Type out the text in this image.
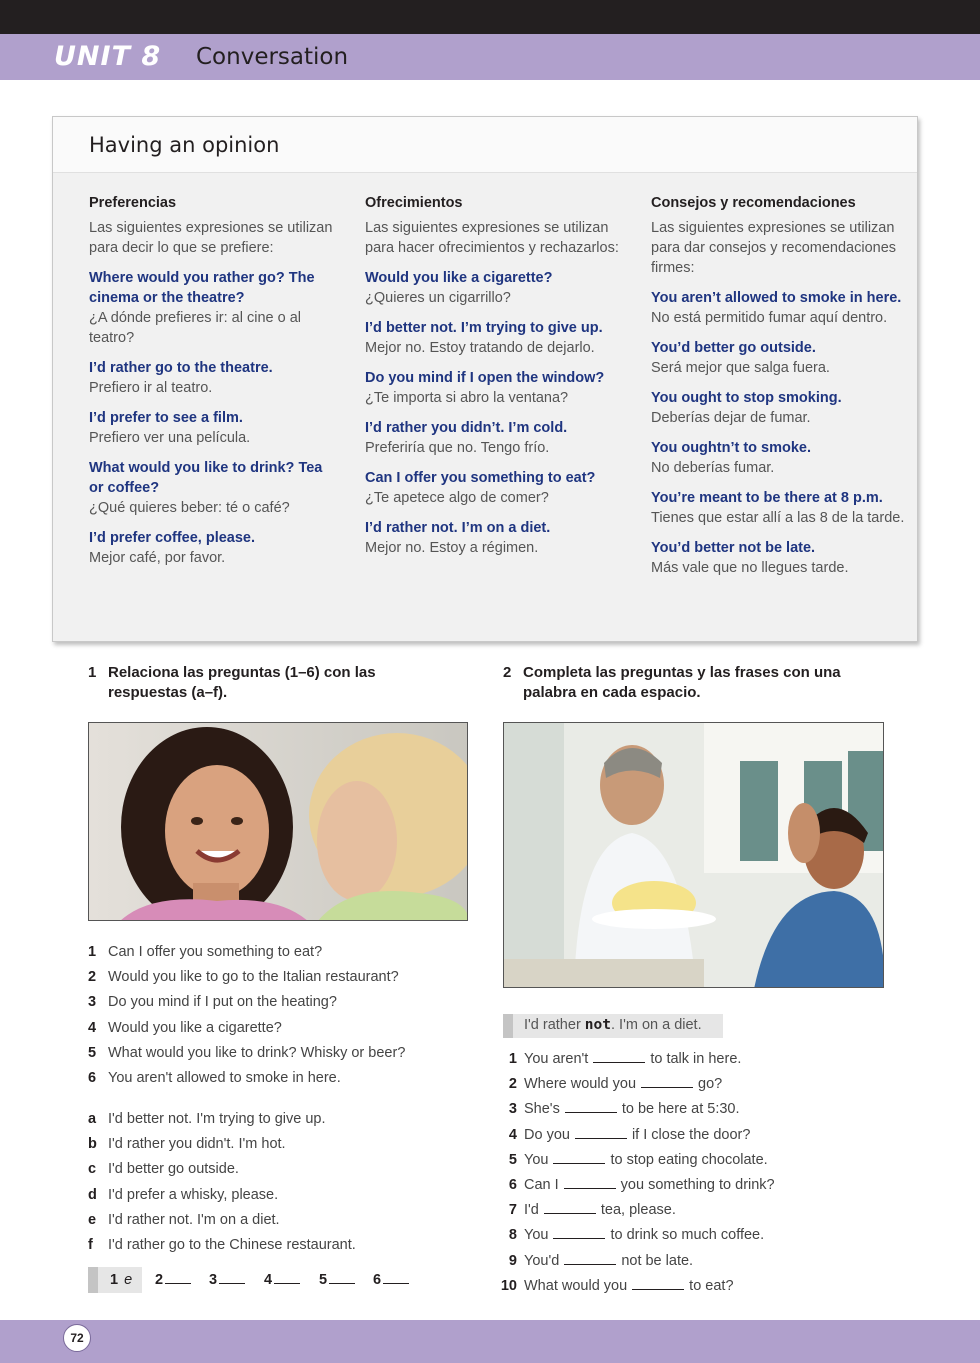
UNIT 8 Conversation
Having an opinion
Preferencias
Las siguientes expresiones se utilizan para decir lo que se prefiere:
Where would you rather go? The cinema or the theatre?
¿A dónde prefieres ir: al cine o al teatro?
I’d rather go to the theatre.
Prefiero ir al teatro.
I’d prefer to see a film.
Prefiero ver una película.
What would you like to drink? Tea or coffee?
¿Qué quieres beber: té o café?
I’d prefer coffee, please.
Mejor café, por favor.
Ofrecimientos
Las siguientes expresiones se utilizan para hacer ofrecimientos y rechazarlos:
Would you like a cigarette?
¿Quieres un cigarrillo?
I’d better not. I’m trying to give up.
Mejor no. Estoy tratando de dejarlo.
Do you mind if I open the window?
¿Te importa si abro la ventana?
I’d rather you didn’t. I’m cold.
Preferiría que no. Tengo frío.
Can I offer you something to eat?
¿Te apetece algo de comer?
I’d rather not. I’m on a diet.
Mejor no. Estoy a régimen.
Consejos y recomendaciones
Las siguientes expresiones se utilizan para dar consejos y recomendaciones firmes:
You aren’t allowed to smoke in here.
No está permitido fumar aquí dentro.
You’d better go outside.
Será mejor que salga fuera.
You ought to stop smoking.
Deberías dejar de fumar.
You oughtn’t to smoke.
No deberías fumar.
You’re meant to be there at 8 p.m.
Tienes que estar allí a las 8 de la tarde.
You’d better not be late.
Más vale que no llegues tarde.
1 Relaciona las preguntas (1–6) con las respuestas (a–f).
1 Can I offer you something to eat?
2 Would you like to go to the Italian restaurant?
3 Do you mind if I put on the heating?
4 Would you like a cigarette?
5 What would you like to drink? Whisky or beer?
6 You aren't allowed to smoke in here.
a I'd better not. I'm trying to give up.
b I'd rather you didn't. I'm hot.
c I'd better go outside.
d I'd prefer a whisky, please.
e I'd rather not. I'm on a diet.
f	I'd rather go to the Chinese restaurant.
1 e 2	3	4	5	6
2 Completa las preguntas y las frases con una palabra en cada espacio.
I'd rather not. I'm on a diet.
1 You aren't	to talk in here.
2 Where would you	go?
3 She's	to be here at 5:30.
4 Do you	if I close the door?
5 You	to stop eating chocolate.
6 Can I	you something to drink?
7 I'd	tea, please.
8 You	to drink so much coffee.
9 You'd	not be late.
10 What would you	to eat?
72
